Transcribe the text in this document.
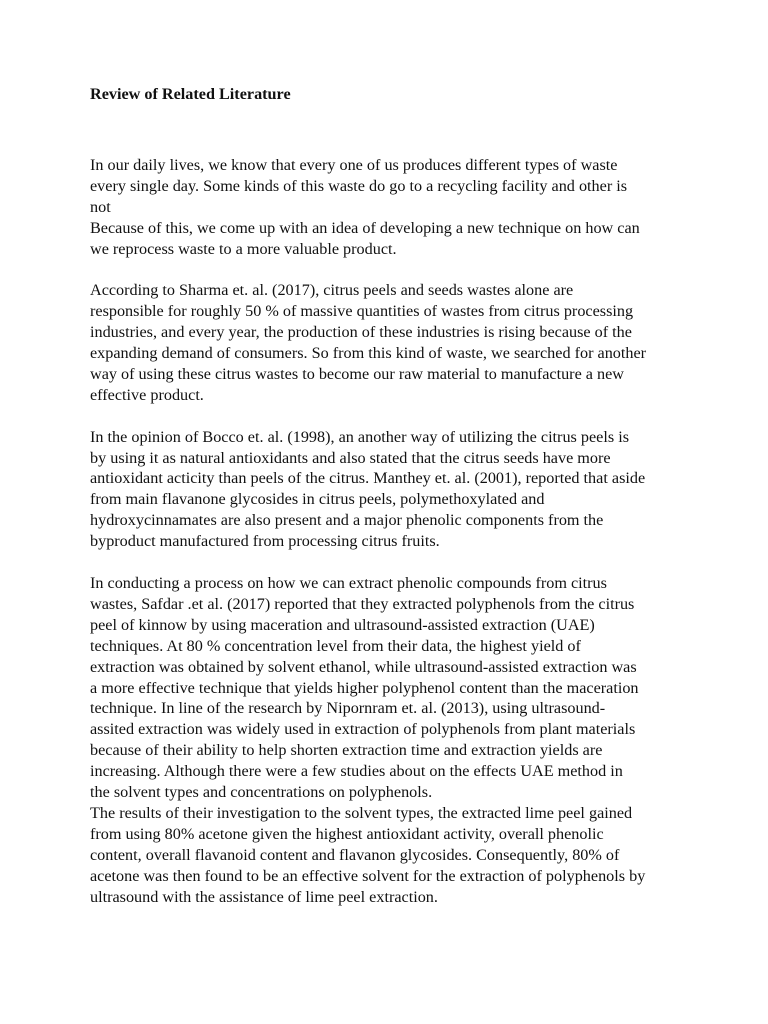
Review of Related Literature
In our daily lives, we know that every one of us produces different types of waste
every single day. Some kinds of this waste do go to a recycling facility and other is
not
Because of this, we come up with an idea of developing a new technique on how can
we reprocess waste to a more valuable product.
According to Sharma et. al. (2017), citrus peels and seeds wastes alone are
responsible for roughly 50 % of massive quantities of wastes from citrus processing
industries, and every year, the production of these industries is rising because of the
expanding demand of consumers. So from this kind of waste, we searched for another
way of using these citrus wastes to become our raw material to manufacture a new
effective product.
In the opinion of Bocco et. al. (1998), an another way of utilizing the citrus peels is
by using it as natural antioxidants and also stated that the citrus seeds have more
antioxidant acticity than peels of the citrus. Manthey et. al. (2001), reported that aside
from main flavanone glycosides in citrus peels, polymethoxylated and
hydroxycinnamates are also present and a major phenolic components from the
byproduct manufactured from processing citrus fruits.
In conducting a process on how we can extract phenolic compounds from citrus
wastes, Safdar .et al. (2017) reported that they extracted polyphenols from the citrus
peel of kinnow by using maceration and ultrasound-assisted extraction (UAE)
techniques. At 80 % concentration level from their data, the highest yield of
extraction was obtained by solvent ethanol, while ultrasound-assisted extraction was
a more effective technique that yields higher polyphenol content than the maceration
technique. In line of the research by Nipornram et. al. (2013), using ultrasound-
assited extraction was widely used in extraction of polyphenols from plant materials
because of their ability to help shorten extraction time and extraction yields are
increasing. Although there were a few studies about on the effects UAE method in
the solvent types and concentrations on polyphenols.
The results of their investigation to the solvent types, the extracted lime peel gained
from using 80% acetone given the highest antioxidant activity, overall phenolic
content, overall flavanoid content and flavanon glycosides. Consequently, 80% of
acetone was then found to be an effective solvent for the extraction of polyphenols by
ultrasound with the assistance of lime peel extraction.
